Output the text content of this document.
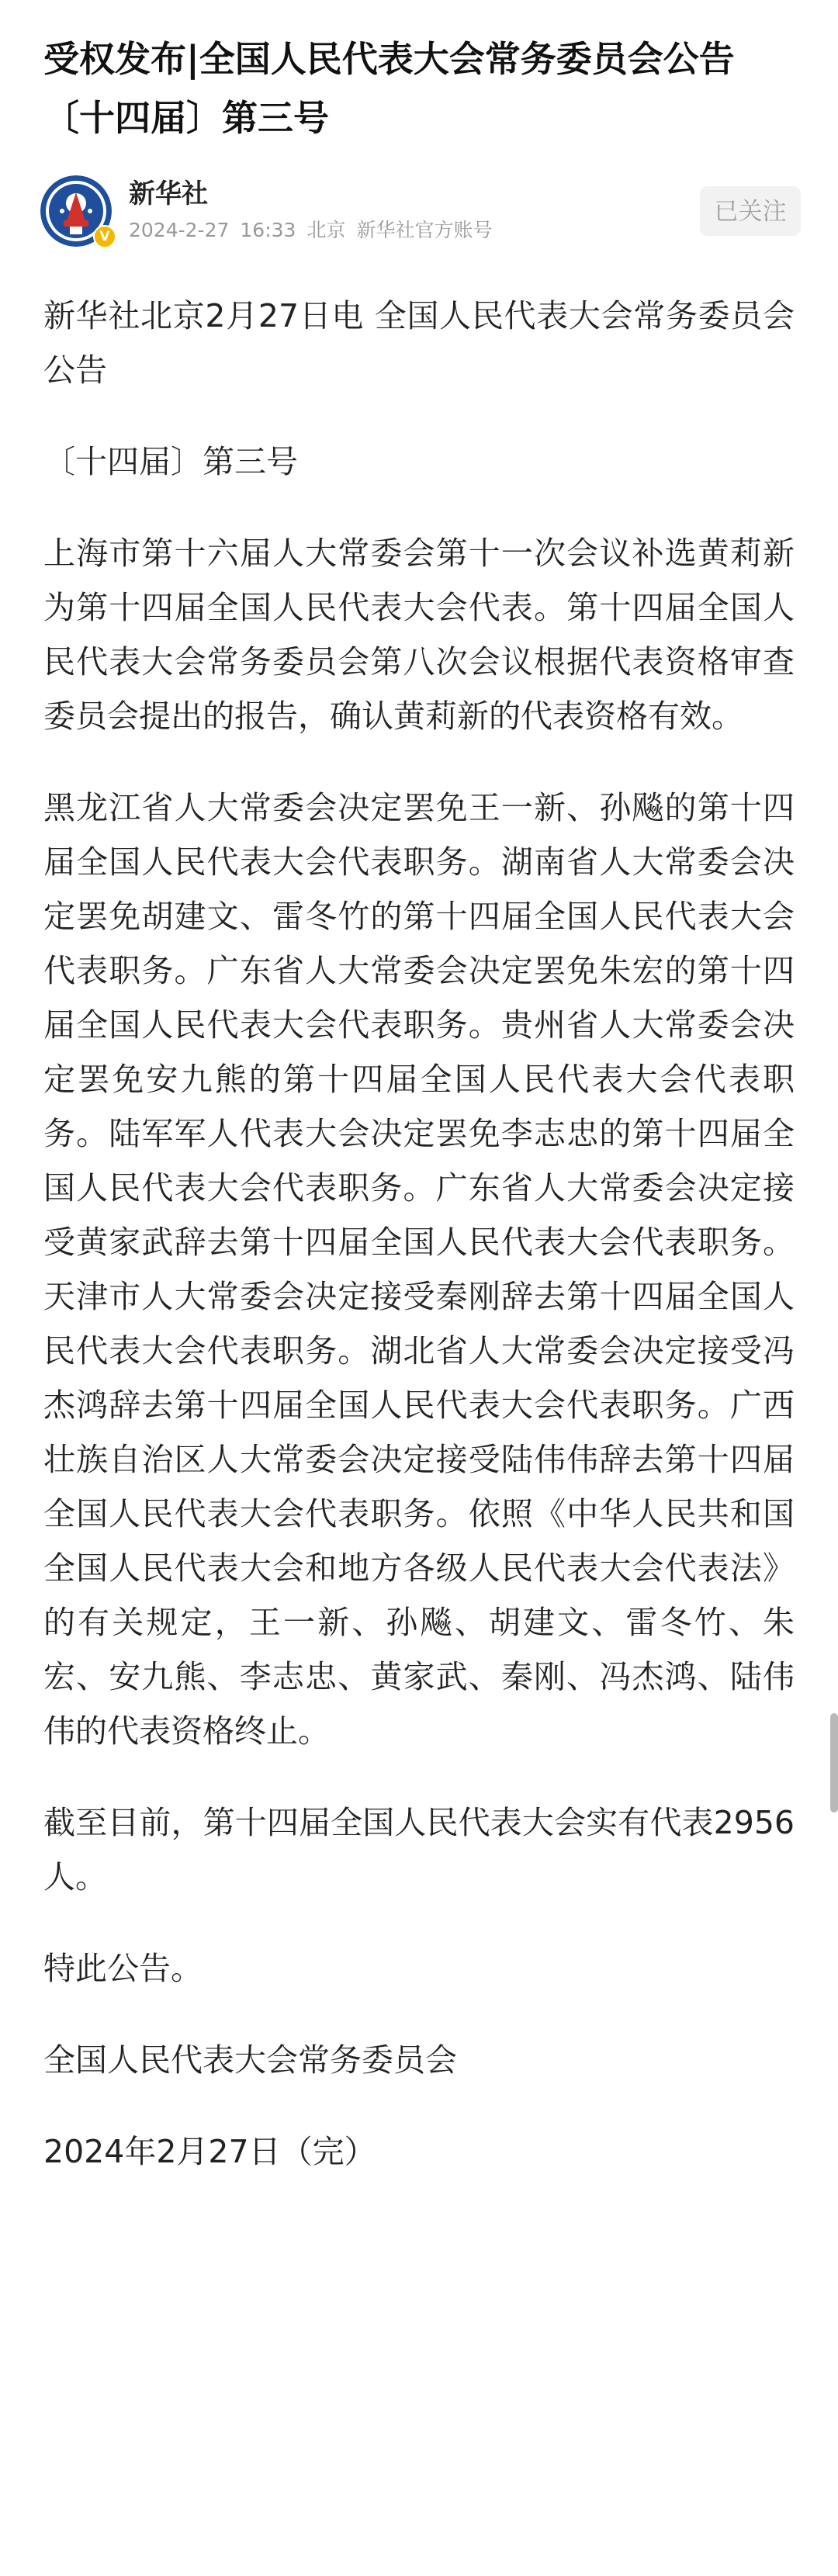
受权发布|全国人民代表大会常务委员会公告　　〔十四届〕第三号
V
新华社
2024-2-27 16:33 北京 新华社官方账号
已关注

新华社北京2月27日电 全国人民代表大会常务委员会公告

〔十四届〕第三号

上海市第十六届人大常委会第十一次会议补选黄莉新为第十四届全国人民代表大会代表。第十四届全国人民代表大会常务委员会第八次会议根据代表资格审查委员会提出的报告，确认黄莉新的代表资格有效。

黑龙江省人大常委会决定罢免王一新、孙飚的第十四届全国人民代表大会代表职务。湖南省人大常委会决定罢免胡建文、雷冬竹的第十四届全国人民代表大会代表职务。广东省人大常委会决定罢免朱宏的第十四届全国人民代表大会代表职务。贵州省人大常委会决定罢免安九熊的第十四届全国人民代表大会代表职务。陆军军人代表大会决定罢免李志忠的第十四届全国人民代表大会代表职务。广东省人大常委会决定接受黄家武辞去第十四届全国人民代表大会代表职务。天津市人大常委会决定接受秦刚辞去第十四届全国人民代表大会代表职务。湖北省人大常委会决定接受冯杰鸿辞去第十四届全国人民代表大会代表职务。广西壮族自治区人大常委会决定接受陆伟伟辞去第十四届全国人民代表大会代表职务。依照《中华人民共和国全国人民代表大会和地方各级人民代表大会代表法》的有关规定，王一新、孙飚、胡建文、雷冬竹、朱宏、安九熊、李志忠、黄家武、秦刚、冯杰鸿、陆伟伟的代表资格终止。

截至目前，第十四届全国人民代表大会实有代表2956人。

特此公告。

全国人民代表大会常务委员会

2024年2月27日（完）
